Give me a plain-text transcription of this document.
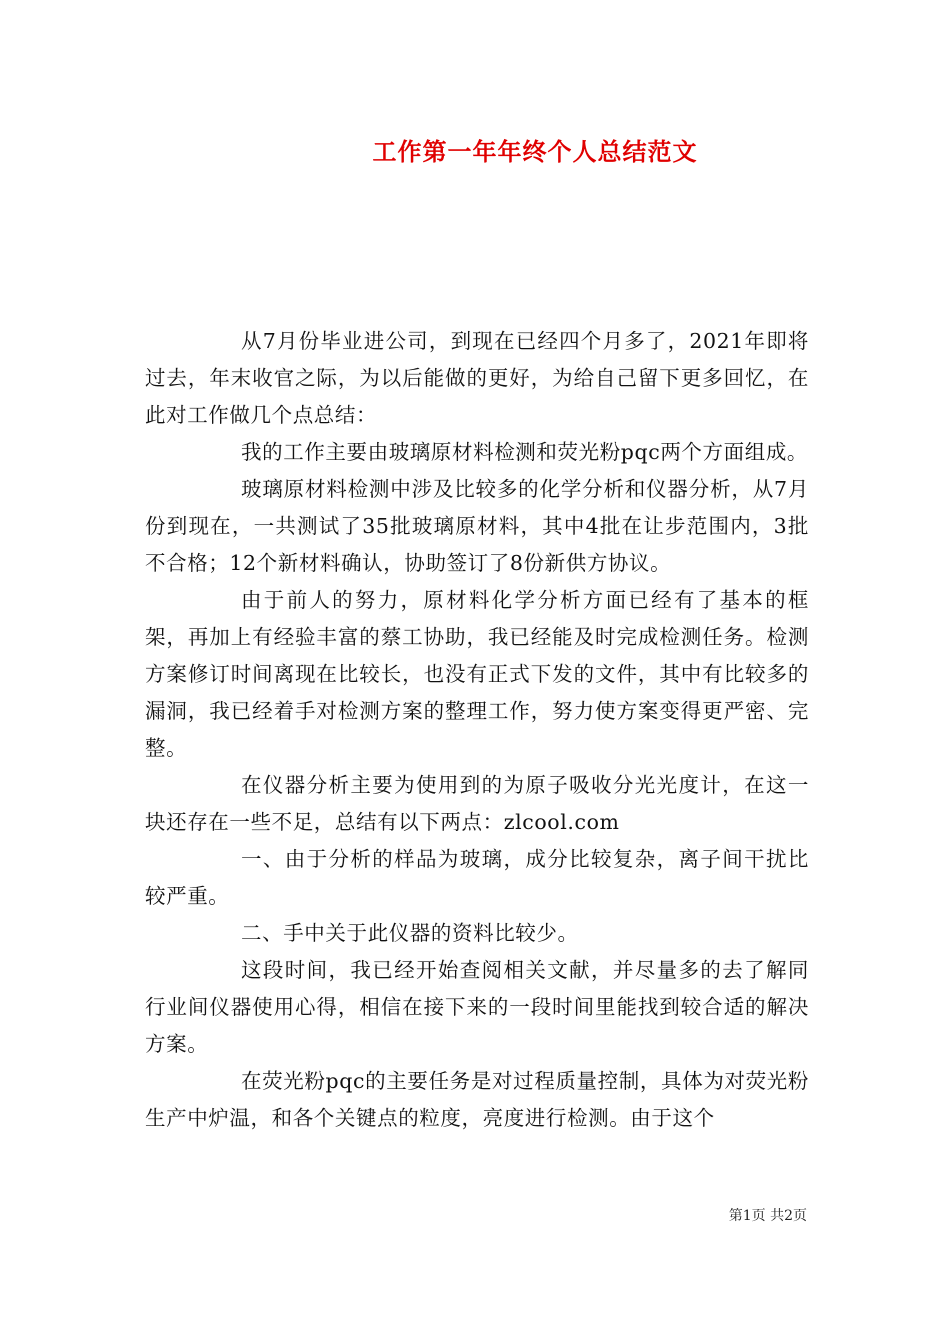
工作第一年年终个人总结范文

从7月份毕业进公司，到现在已经四个月多了，2021年即将过去，年末收官之际，为以后能做的更好，为给自己留下更多回忆，在此对工作做几个点总结：

我的工作主要由玻璃原材料检测和荧光粉pqc两个方面组成。

玻璃原材料检测中涉及比较多的化学分析和仪器分析，从7月份到现在，一共测试了35批玻璃原材料，其中4批在让步范围内，3批不合格；12个新材料确认，协助签订了8份新供方协议。

由于前人的努力，原材料化学分析方面已经有了基本的框架，再加上有经验丰富的蔡工协助，我已经能及时完成检测任务。检测方案修订时间离现在比较长，也没有正式下发的文件，其中有比较多的漏洞，我已经着手对检测方案的整理工作，努力使方案变得更严密、完整。

在仪器分析主要为使用到的为原子吸收分光光度计，在这一块还存在一些不足，总结有以下两点：zlcool.com

一、由于分析的样品为玻璃，成分比较复杂，离子间干扰比较严重。

二、手中关于此仪器的资料比较少。

这段时间，我已经开始查阅相关文献，并尽量多的去了解同行业间仪器使用心得，相信在接下来的一段时间里能找到较合适的解决方案。

在荧光粉pqc的主要任务是对过程质量控制，具体为对荧光粉生产中炉温，和各个关键点的粒度，亮度进行检测。由于这个

第1页 共2页
